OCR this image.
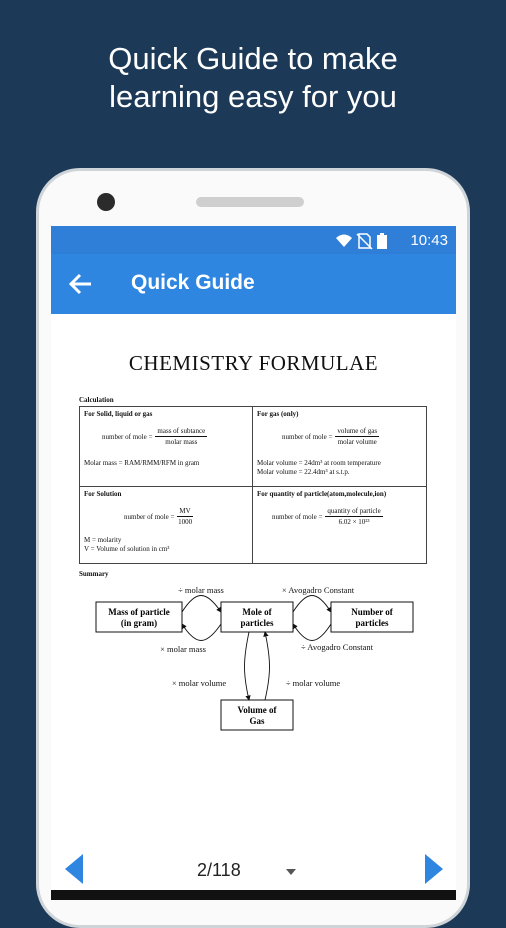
Quick Guide to make
learning easy for you
10:43
Quick Guide
CHEMISTRY FORMULAE
Calculation
For Solid, liquid or gas
number of mole = $\frac{\text{mass of subtance}}{\text{molar mass}}$
Molar mass = RAM/RMM/RFM in gram
For gas (only)
number of mole = $\frac{\text{volume of gas}}{\text{molar volume}}$
Molar volume = 24dm³ at room temperature
Molar volume = 22.4dm³ at s.t.p.
For Solution
number of mole = $\frac{MV}{1000}$
M = molarity
V = Volume of solution in cm³
For quantity of particle(atom,molecule,ion)
number of mole = $\frac{\text{quantity of particle}}{\text{6.02 × 10²³}}$
Summary
Mass of particle
(in gram)
Mole of
particles
Number of
particles
Volume of
Gas
÷ molar mass	× Avogadro Constant
× molar mass	÷ Avogadro Constant
× molar volume	÷ molar volume
2/118
